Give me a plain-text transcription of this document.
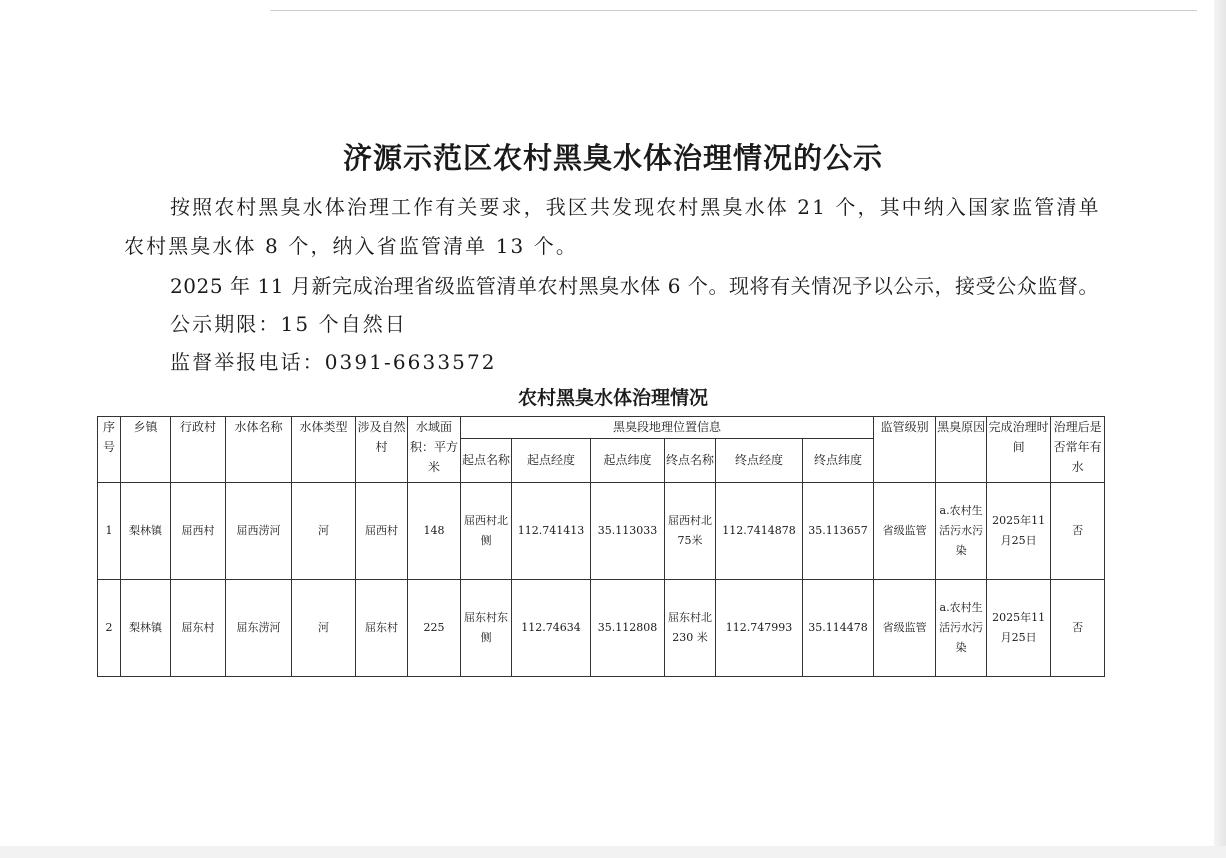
济源示范区农村黑臭水体治理情况的公示
按照农村黑臭水体治理工作有关要求，我区共发现农村黑臭水体 21 个，其中纳入国家监管清单
农村黑臭水体 8 个，纳入省监管清单 13 个。
2025 年 11 月新完成治理省级监管清单农村黑臭水体 6 个。现将有关情况予以公示，接受公众监督。
公示期限：15 个自然日
监督举报电话：0391-6633572
农村黑臭水体治理情况
序号	乡镇	行政村	水体名称	水体类型	涉及自然村	水域面积：平方米	黑臭段地理位置信息						监管级别	黑臭原因	完成治理时间	治理后是否常年有水
							起点名称	起点经度	起点纬度	终点名称	终点经度	终点纬度				
1	梨林镇	屈西村	屈西涝河	河	屈西村	148	屈西村北侧	112.741413	35.113033	屈西村北75米	112.7414878	35.113657	省级监管	a.农村生活污水污染	2025年11月25日	否
2	梨林镇	屈东村	屈东涝河	河	屈东村	225	屈东村东侧	112.74634	35.112808	屈东村北 230 米	112.747993	35.114478	省级监管	a.农村生活污水污染	2025年11月25日	否
